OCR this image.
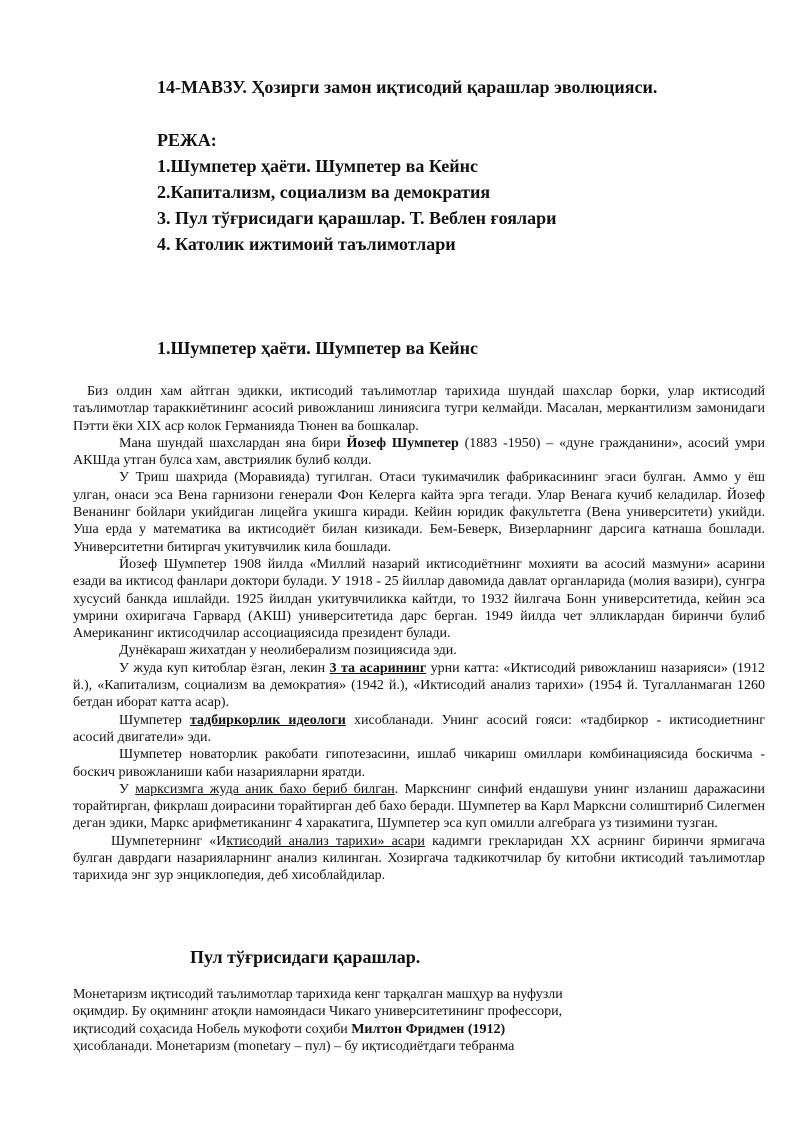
14-МАВЗУ. Ҳозирги замон иқтисодий қарашлар эволюцияси.
РЕЖА:
1.Шумпетер ҳаёти. Шумпетер ва Кейнс
2.Капитализм, социализм ва демократия
3. Пул тўғрисидаги қарашлар. Т. Веблен ғоялари
4. Католик ижтимоий таълимотлари
1.Шумпетер ҳаёти. Шумпетер ва Кейнс

Биз олдин хам айтган эдикки, иктисодий таълимотлар тарихида шундай шахслар борки, улар иктисодий таълимотлар тараккиётининг асосий ривожланиш линиясига тугри келмайди. Масалан, меркантилизм замонидаги Пэтти ёки XIX аср колок Германияда Тюнен ва бошкалар.

Мана шундай шахслардан яна бири Йозеф Шумпетер (1883 -1950) – «дуне гражданини», асосий умри АКШда утган булса хам, австриялик булиб колди.

У Триш шахрида (Моравияда) тугилган. Отаси тукимачилик фабрикасининг эгаси булган. Аммо у ёш улган, онаси эса Вена гарнизони генерали Фон Келерга кайта эрга тегади. Улар Венага кучиб келадилар. Йозеф Венанинг бойлари укийдиган лицейга укишга киради. Кейин юридик факультетга (Вена университети) укийди. Уша ерда у математика ва иктисодиёт билан кизикади. Бем-Беверк, Визерларнинг дарсига катнаша бошлади. Университетни битиргач укитувчилик кила бошлади.

Йозеф Шумпетер 1908 йилда «Миллий назарий иктисодиётнинг мохияти ва асосий мазмуни» асарини езади ва иктисод фанлари доктори булади. У 1918 - 25 йиллар давомида давлат органларида (молия вазири), сунгра хусусий банкда ишлайди. 1925 йилдан укитувчиликка кайтди, то 1932 йилгача Бонн университетида, кейин эса умрини охиригача Гарвард (АКШ) университетида дарс берган. 1949 йилда чет элликлардан биринчи булиб Американинг иктисодчилар ассоциациясида президент булади.

Дунёкараш жихатдан у неолиберализм позициясида эди.

У жуда куп китоблар ёзган, лекин 3 та асарининг урни катта: «Иктисодий ривожланиш назарияси» (1912 й.), «Капитализм, социализм ва демократия» (1942 й.), «Иктисодий анализ тарихи» (1954 й. Тугалланмаган 1260 бетдан иборат катта асар).

Шумпетер тадбиркорлик идеологи хисобланади. Унинг асосий гояси: «тадбиркор - иктисодиетнинг асосий двигатели» эди.

Шумпетер новаторлик ракобати гипотезасини, ишлаб чикариш омиллари комбинациясида боскичма - боскич ривожланиши каби назарияларни яратди.

У марксизмга жуда аник бахо бериб билган. Маркснинг синфий ендашуви унинг изланиш даражасини торайтирган, фикрлаш доирасини торайтирган деб бахо беради. Шумпетер ва Карл Марксни солиштириб Силегмен деган эдики, Маркс арифметиканинг 4 харакатига, Шумпетер эса куп омилли алгебрага уз тизимини тузган.

Шумпетернинг «Иктисодий анализ тарихи» асари кадимги грекларидан XX асрнинг биринчи ярмигача булган даврдаги назарияларнинг анализ килинган. Хозиргача тадкикотчилар бу китобни иктисодий таълимотлар тарихида энг зур энциклопедия, деб хисоблайдилар.

Пул тўғрисидаги қарашлар.

Монетаризм иқтисодий таълимотлар тарихида кенг тарқалган машҳур ва нуфузли

оқимдир. Бу оқимнинг атоқли намояндаси Чикаго университетининг профессори,

иқтисодий соҳасида Нобель мукофоти соҳиби Милтон Фридмен (1912)

ҳисобланади. Монетаризм (monetary – пул) – бу иқтисодиётдаги тебранма
